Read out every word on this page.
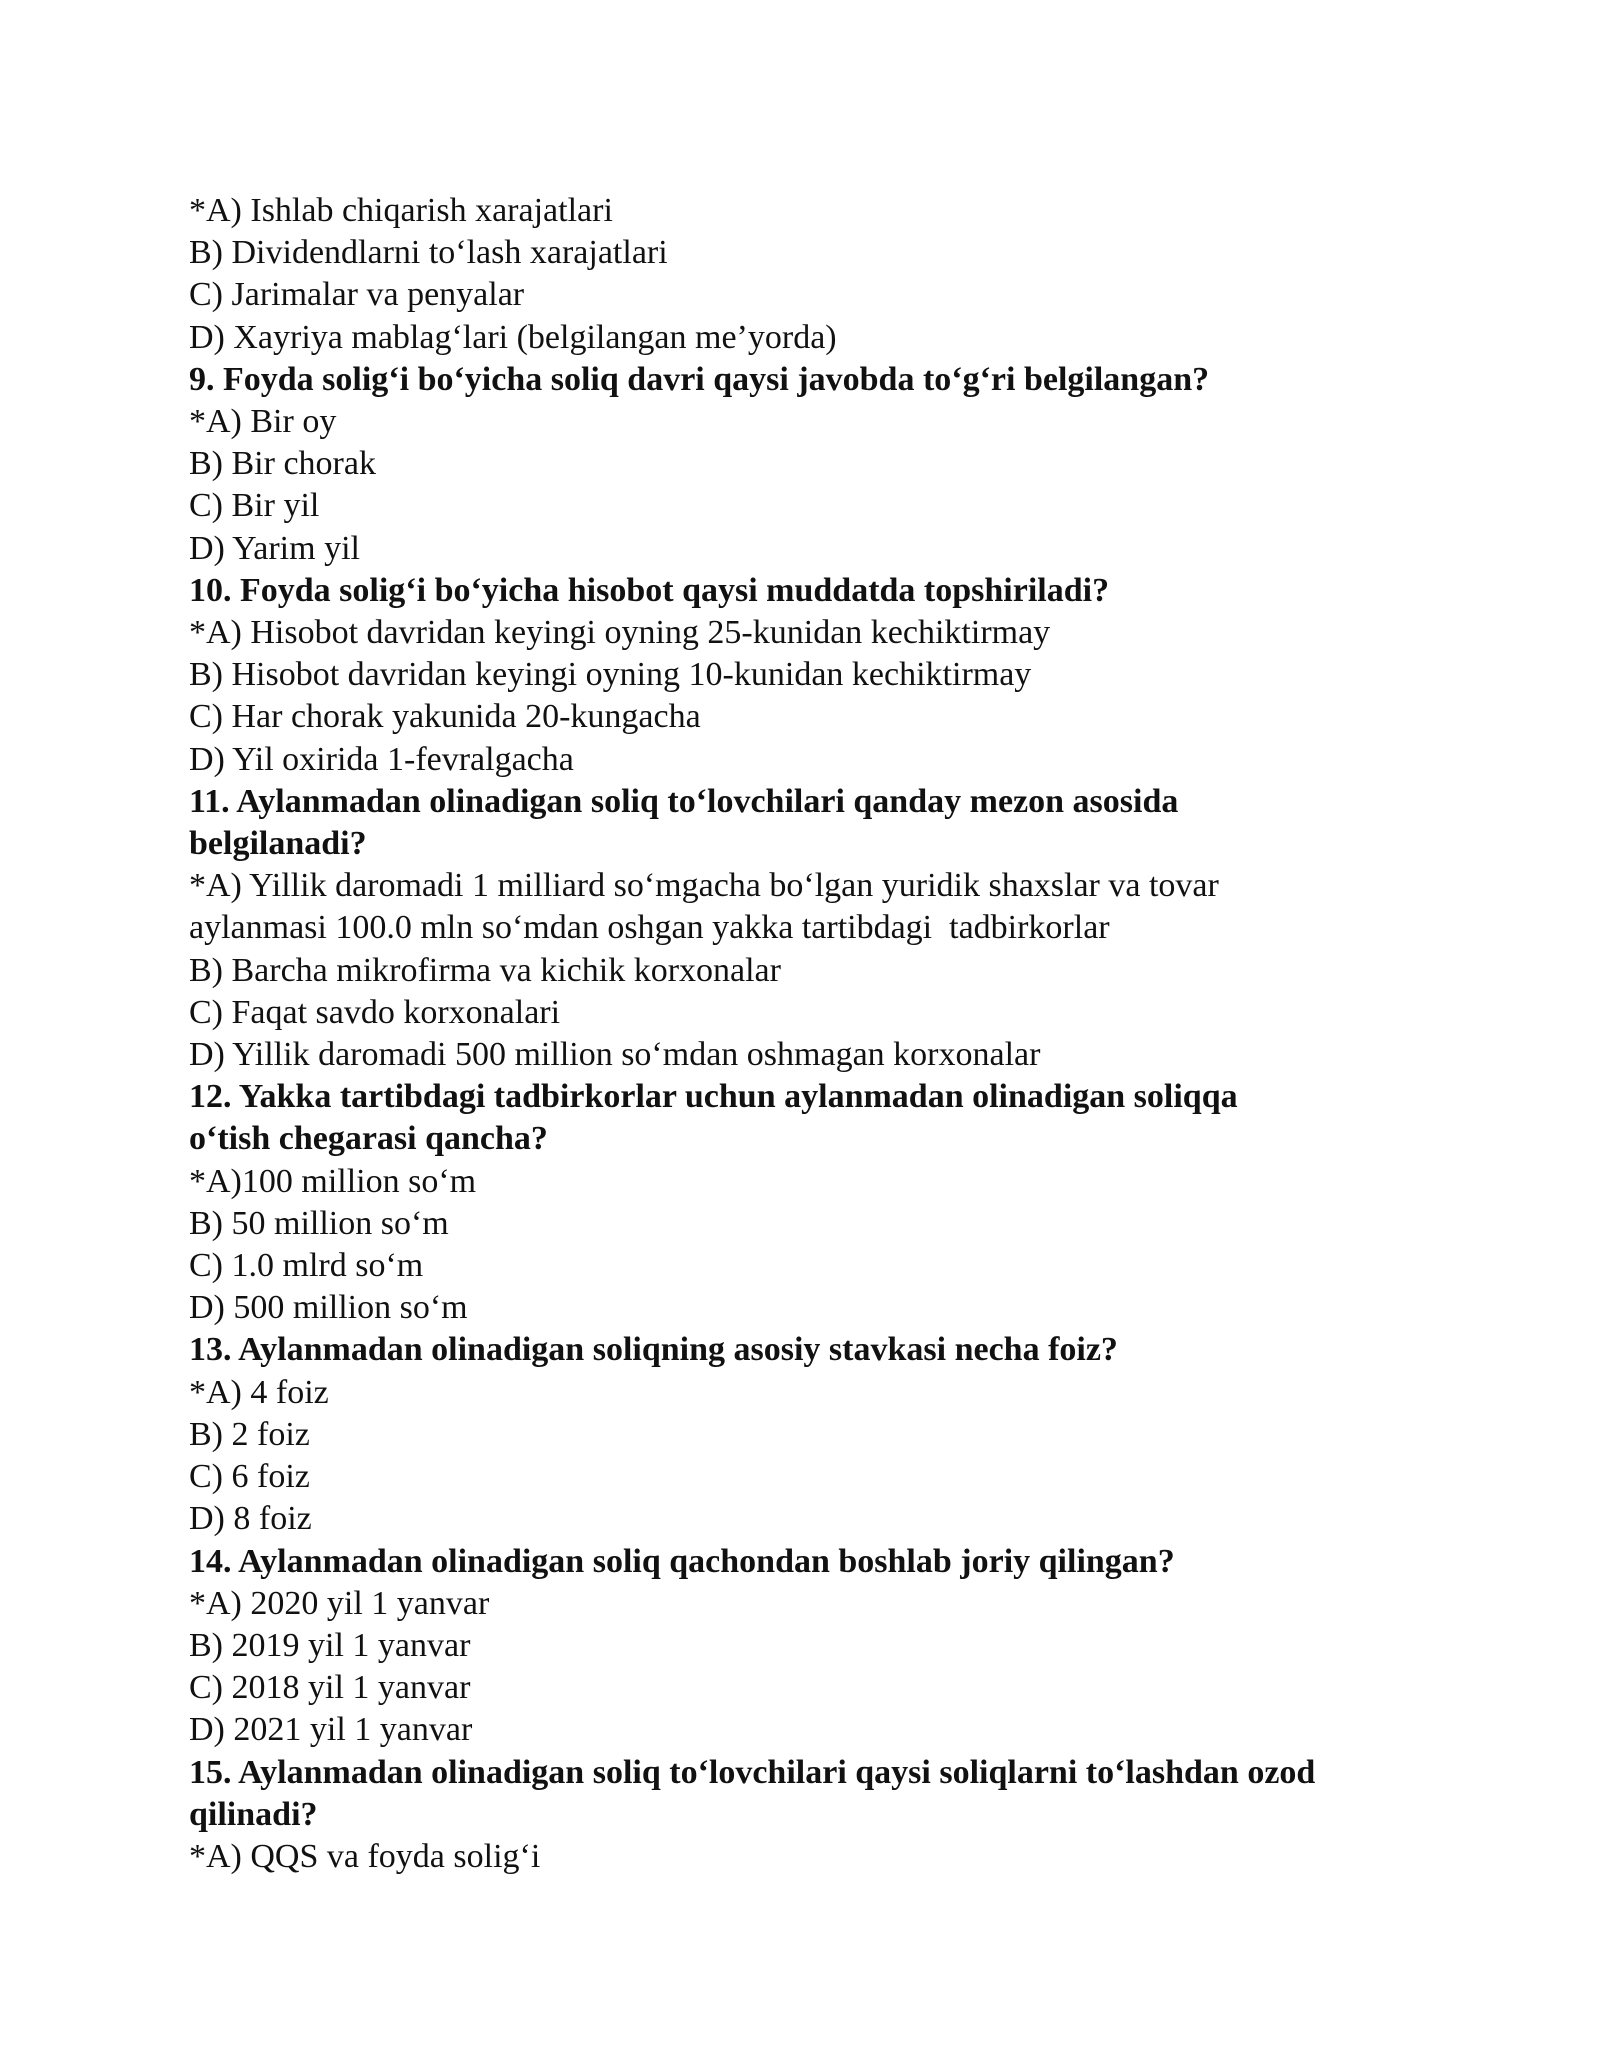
*A) Ishlab chiqarish xarajatlari

B) Dividendlarni to‘lash xarajatlari

C) Jarimalar va penyalar

D) Xayriya mablag‘lari (belgilangan me’yorda)

9. Foyda solig‘i bo‘yicha soliq davri qaysi javobda to‘g‘ri belgilangan?

*A) Bir oy

B) Bir chorak

C) Bir yil

D) Yarim yil

10. Foyda solig‘i bo‘yicha hisobot qaysi muddatda topshiriladi?

*A) Hisobot davridan keyingi oyning 25-kunidan kechiktirmay

B) Hisobot davridan keyingi oyning 10-kunidan kechiktirmay

C) Har chorak yakunida 20-kungacha

D) Yil oxirida 1-fevralgacha

11. Aylanmadan olinadigan soliq to‘lovchilari qanday mezon asosida

belgilanadi?

*A) Yillik daromadi 1 milliard so‘mgacha bo‘lgan yuridik shaxslar va tovar

aylanmasi 100.0 mln so‘mdan oshgan yakka tartibdagi  tadbirkorlar

B) Barcha mikrofirma va kichik korxonalar

C) Faqat savdo korxonalari

D) Yillik daromadi 500 million so‘mdan oshmagan korxonalar

12. Yakka tartibdagi tadbirkorlar uchun aylanmadan olinadigan soliqqa

o‘tish chegarasi qancha?

*A)100 million so‘m

B) 50 million so‘m

C) 1.0 mlrd so‘m

D) 500 million so‘m

13. Aylanmadan olinadigan soliqning asosiy stavkasi necha foiz?

*A) 4 foiz

B) 2 foiz

C) 6 foiz

D) 8 foiz

14. Aylanmadan olinadigan soliq qachondan boshlab joriy qilingan?

*A) 2020 yil 1 yanvar

B) 2019 yil 1 yanvar

C) 2018 yil 1 yanvar

D) 2021 yil 1 yanvar

15. Aylanmadan olinadigan soliq to‘lovchilari qaysi soliqlarni to‘lashdan ozod

qilinadi?

*A) QQS va foyda solig‘i
